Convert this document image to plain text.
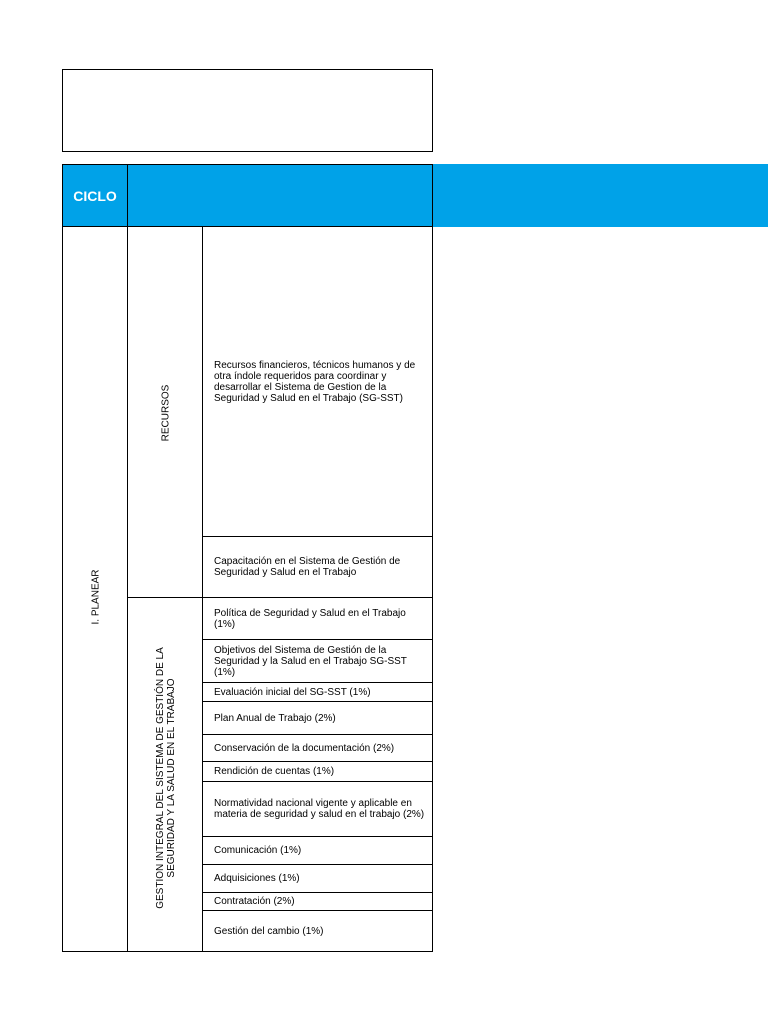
CICLO
I. PLANEAR
RECURSOS
GESTION INTEGRAL DEL SISTEMA DE GESTIÓN DE LA SEGURIDAD Y LA SALUD EN EL TRABAJO
Recursos financieros, técnicos humanos y de otra índole requeridos para coordinar y desarrollar el Sistema de Gestion de la Seguridad y Salud en el Trabajo (SG-SST)
Capacitación en el Sistema de Gestión de Seguridad y Salud en el Trabajo
Política de Seguridad y Salud en el Trabajo (1%)
Objetivos del Sistema de Gestión de la Seguridad y la Salud en el Trabajo SG-SST (1%)
Evaluación inicial del SG-SST (1%)
Plan Anual de Trabajo (2%)
Conservación de la documentación (2%)
Rendición de cuentas (1%)
Normatividad nacional vigente y aplicable en materia de seguridad y salud en el trabajo (2%)
Comunicación (1%)
Adquisiciones (1%)
Contratación (2%)
Gestión del cambio (1%)
